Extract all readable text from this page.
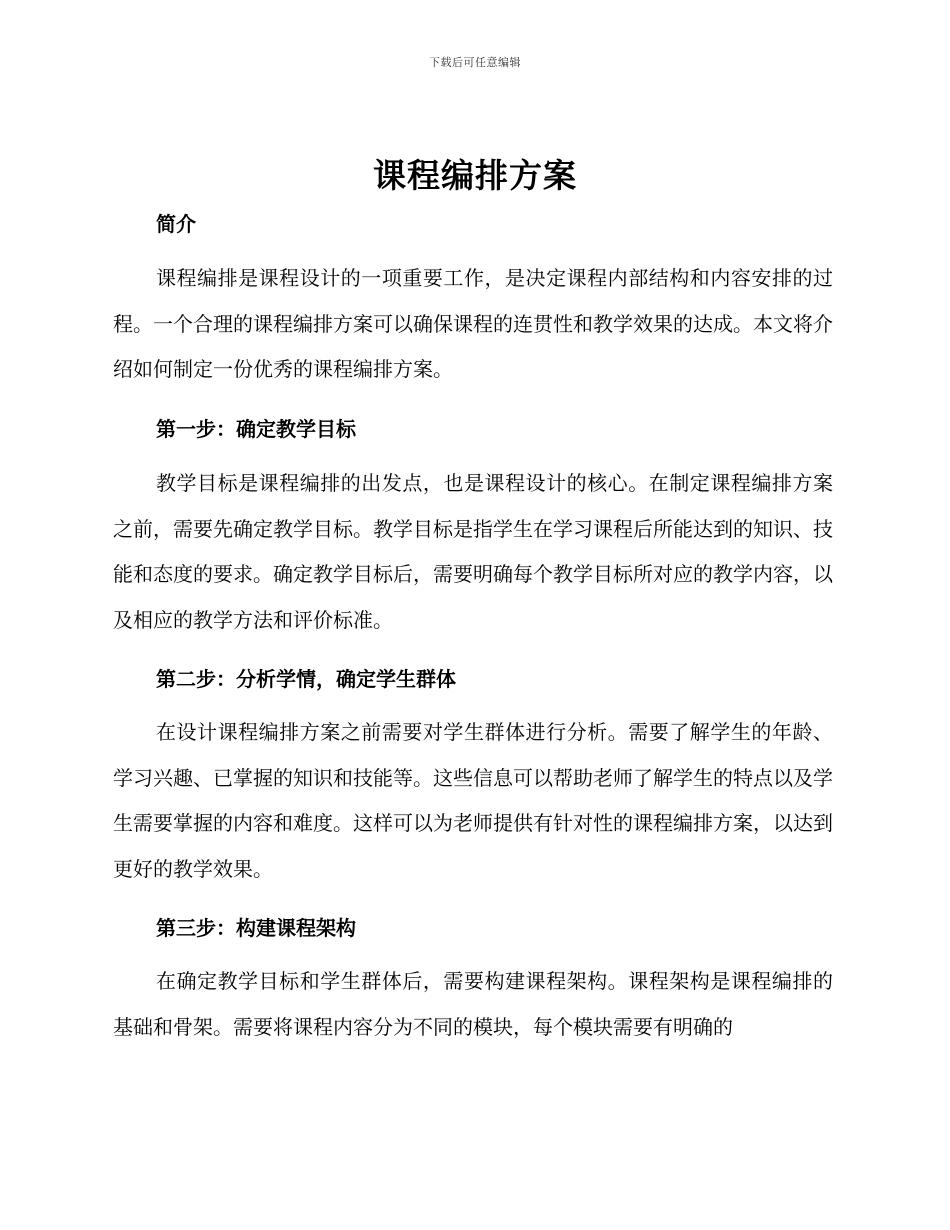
下载后可任意编辑
课程编排方案
简介

课程编排是课程设计的一项重要工作，是决定课程内部结构和内容安排的过程。一个合理的课程编排方案可以确保课程的连贯性和教学效果的达成。本文将介绍如何制定一份优秀的课程编排方案。

第一步：确定教学目标

教学目标是课程编排的出发点，也是课程设计的核心。在制定课程编排方案之前，需要先确定教学目标。教学目标是指学生在学习课程后所能达到的知识、技能和态度的要求。确定教学目标后，需要明确每个教学目标所对应的教学内容，以及相应的教学方法和评价标准。

第二步：分析学情，确定学生群体

在设计课程编排方案之前需要对学生群体进行分析。需要了解学生的年龄、学习兴趣、已掌握的知识和技能等。这些信息可以帮助老师了解学生的特点以及学生需要掌握的内容和难度。这样可以为老师提供有针对性的课程编排方案，以达到更好的教学效果。

第三步：构建课程架构

在确定教学目标和学生群体后，需要构建课程架构。课程架构是课程编排的基础和骨架。需要将课程内容分为不同的模块，每个模块需要有明确的
